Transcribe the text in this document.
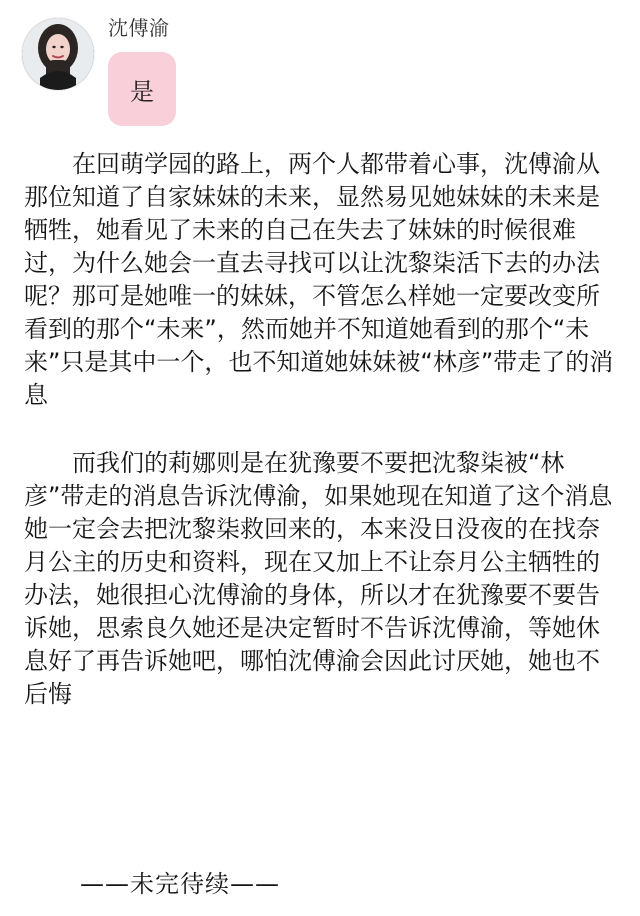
沈傅渝
是

在回萌学园的路上，两个人都带着心事，沈傅渝从那位知道了自家妹妹的未来，显然易见她妹妹的未来是牺牲，她看见了未来的自己在失去了妹妹的时候很难过，为什么她会一直去寻找可以让沈黎柒活下去的办法呢？那可是她唯一的妹妹，不管怎么样她一定要改变所看到的那个“未来”，然而她并不知道她看到的那个“未来”只是其中一个，也不知道她妹妹被“林彦”带走了的消息

而我们的莉娜则是在犹豫要不要把沈黎柒被“林彦”带走的消息告诉沈傅渝，如果她现在知道了这个消息她一定会去把沈黎柒救回来的，本来没日没夜的在找奈月公主的历史和资料，现在又加上不让奈月公主牺牲的办法，她很担心沈傅渝的身体，所以才在犹豫要不要告诉她，思索良久她还是决定暂时不告诉沈傅渝，等她休息好了再告诉她吧，哪怕沈傅渝会因此讨厌她，她也不后悔

——未完待续——
